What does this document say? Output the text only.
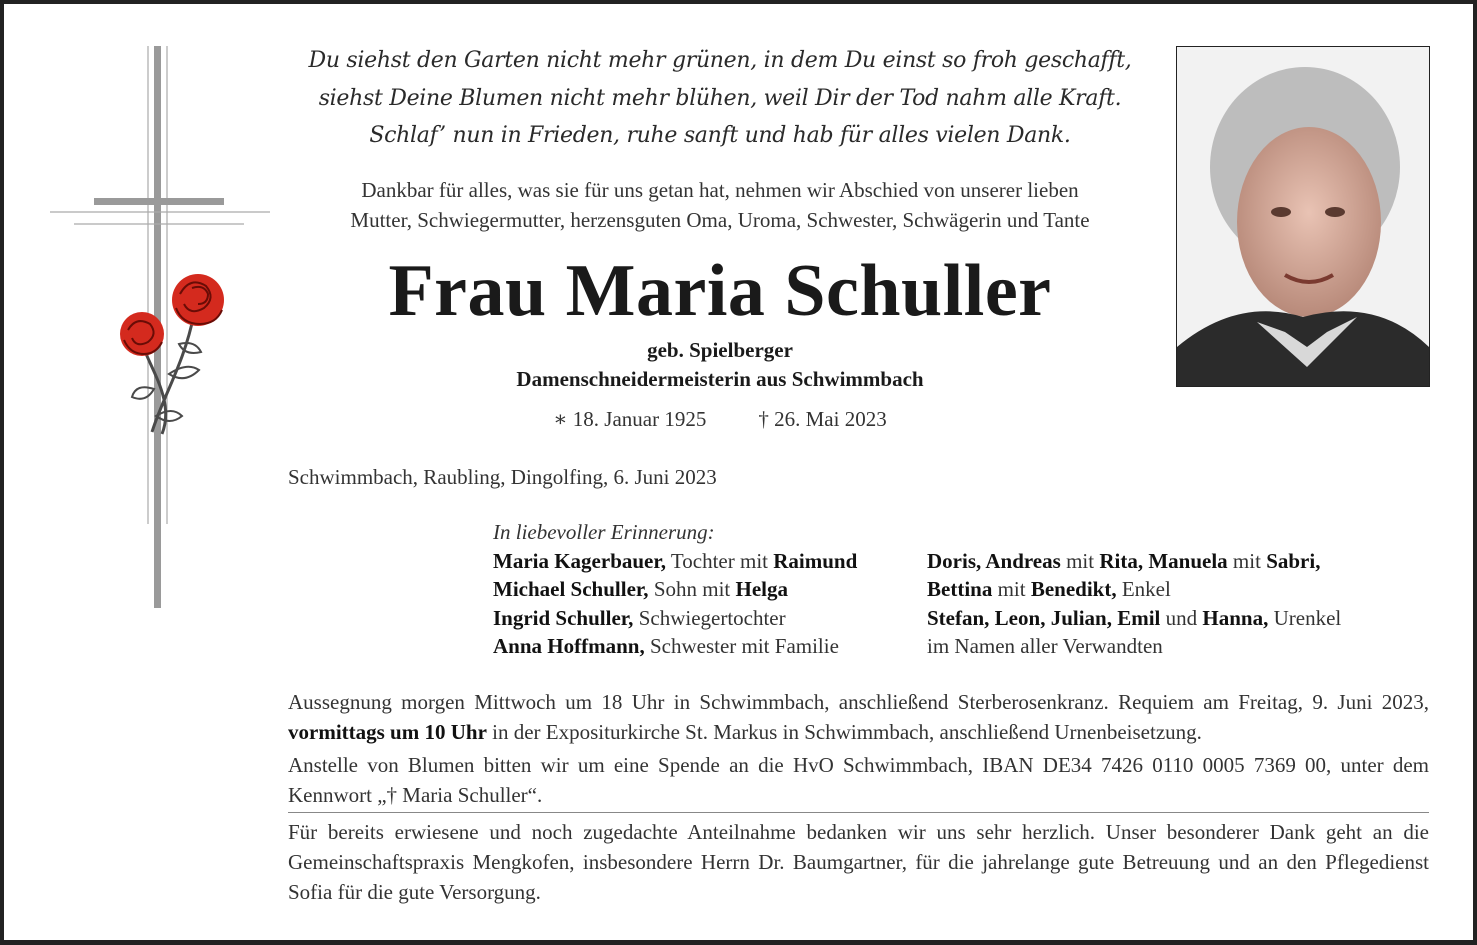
Du siehst den Garten nicht mehr grünen, in dem Du einst so froh geschafft,
siehst Deine Blumen nicht mehr blühen, weil Dir der Tod nahm alle Kraft.
Schlaf’ nun in Frieden, ruhe sanft und hab für alles vielen Dank.
Dankbar für alles, was sie für uns getan hat, nehmen wir Abschied von unserer lieben
Mutter, Schwiegermutter, herzensguten Oma, Uroma, Schwester, Schwägerin und Tante
Frau Maria Schuller
geb. Spielberger
Damenschneidermeisterin aus Schwimmbach
∗ 18. Januar 1925 † 26. Mai 2023
Schwimmbach, Raubling, Dingolfing, 6. Juni 2023
In liebevoller Erinnerung:
Maria Kagerbauer, Tochter mit Raimund
Michael Schuller, Sohn mit Helga
Ingrid Schuller, Schwiegertochter
Anna Hoffmann, Schwester mit Familie
Doris, Andreas mit Rita, Manuela mit Sabri,
Bettina mit Benedikt, Enkel
Stefan, Leon, Julian, Emil und Hanna, Urenkel
im Namen aller Verwandten
Aussegnung morgen Mittwoch um 18 Uhr in Schwimmbach, anschließend Sterberosenkranz. Requiem am Freitag, 9. Juni 2023, vormittags um 10 Uhr in der Expositurkirche St. Markus in Schwimmbach, anschließend Urnenbeisetzung.
Anstelle von Blumen bitten wir um eine Spende an die HvO Schwimmbach, IBAN DE34 7426 0110 0005 7369 00, unter dem Kennwort „† Maria Schuller“.
Für bereits erwiesene und noch zugedachte Anteilnahme bedanken wir uns sehr herzlich. Unser besonderer Dank geht an die Gemeinschaftspraxis Mengkofen, insbesondere Herrn Dr. Baumgartner, für die jahrelange gute Betreuung und an den Pflegedienst Sofia für die gute Versorgung.
